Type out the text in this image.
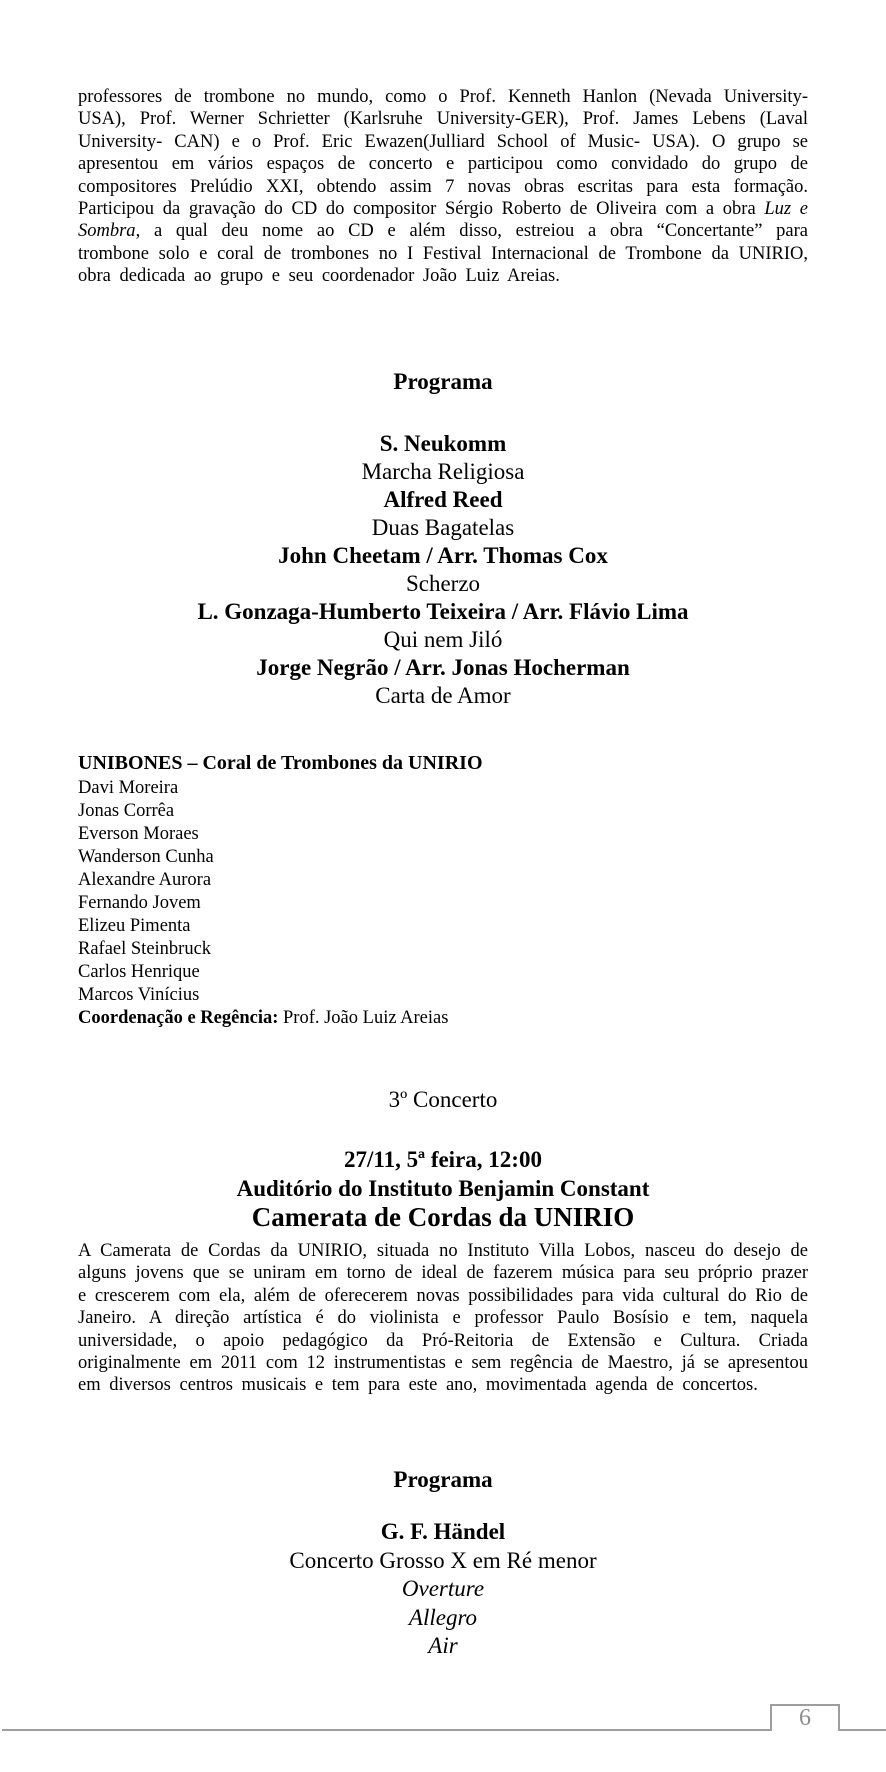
professores de trombone no mundo, como o Prof. Kenneth Hanlon (Nevada University- USA), Prof. Werner Schrietter (Karlsruhe University-GER), Prof. James Lebens (Laval University- CAN) e o Prof. Eric Ewazen(Julliard School of Music- USA). O grupo se apresentou em vários espaços de concerto e participou como convidado do grupo de compositores Prelúdio XXI, obtendo assim 7 novas obras escritas para esta formação. Participou da gravação do CD do compositor Sérgio Roberto de Oliveira com a obra Luz e Sombra, a qual deu nome ao CD e além disso, estreiou a obra “Concertante” para trombone solo e coral de trombones no I Festival Internacional de Trombone da UNIRIO, obra dedicada ao grupo e seu coordenador João Luiz Areias.

Programa
S. Neukomm
Marcha Religiosa
Alfred Reed
Duas Bagatelas
John Cheetam / Arr. Thomas Cox
Scherzo
L. Gonzaga-Humberto Teixeira / Arr. Flávio Lima
Qui nem Jiló
Jorge Negrão / Arr. Jonas Hocherman
Carta de Amor
UNIBONES – Coral de Trombones da UNIRIO
Davi Moreira
Jonas Corrêa
Everson Moraes
Wanderson Cunha
Alexandre Aurora
Fernando Jovem
Elizeu Pimenta
Rafael Steinbruck
Carlos Henrique
Marcos Vinícius
Coordenação e Regência: Prof. João Luiz Areias
3º Concerto
27/11, 5ª feira, 12:00
Auditório do Instituto Benjamin Constant
Camerata de Cordas da UNIRIO

A Camerata de Cordas da UNIRIO, situada no Instituto Villa Lobos, nasceu do desejo de alguns jovens que se uniram em torno de ideal de fazerem música para seu próprio prazer e crescerem com ela, além de oferecerem novas possibilidades para vida cultural do Rio de Janeiro. A direção artística é do violinista e professor Paulo Bosísio e tem, naquela universidade, o apoio pedagógico da Pró-Reitoria de Extensão e Cultura. Criada originalmente em 2011 com 12 instrumentistas e sem regência de Maestro, já se apresentou em diversos centros musicais e tem para este ano, movimentada agenda de concertos.

Programa
G. F. Händel
Concerto Grosso X em Ré menor
Overture
Allegro
Air
6
